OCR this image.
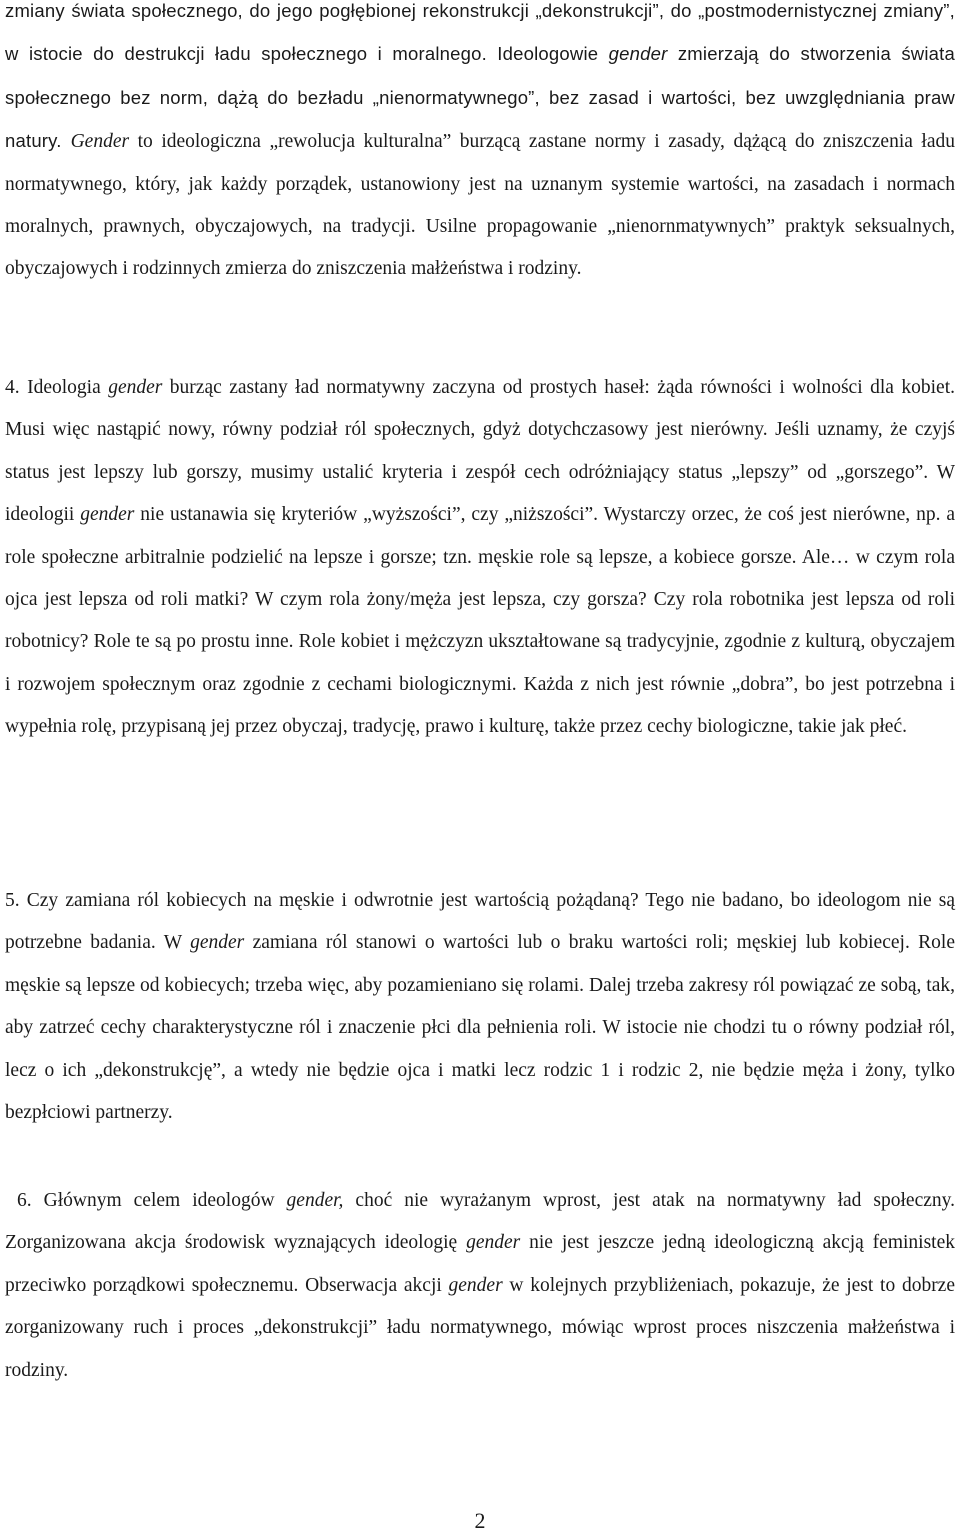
zmiany świata społecznego, do jego pogłębionej rekonstrukcji „dekonstrukcji”, do „postmodernistycznej zmiany”, w istocie do destrukcji ładu społecznego i moralnego. Ideologowie gender zmierzają do stworzenia świata społecznego bez norm, dążą do bezładu „nienormatywnego”, bez zasad i wartości, bez uwzględniania praw natury. Gender to ideologiczna „rewolucja kulturalna” burzącą zastane normy i zasady, dążącą do zniszczenia ładu normatywnego, który, jak każdy porządek, ustanowiony jest na uznanym systemie wartości, na zasadach i normach moralnych, prawnych, obyczajowych, na tradycji. Usilne propagowanie „nienornmatywnych” praktyk seksualnych, obyczajowych i rodzinnych zmierza do zniszczenia małżeństwa i rodziny.

4. Ideologia gender burząc zastany ład normatywny zaczyna od prostych haseł: żąda równości i wolności dla kobiet. Musi więc nastąpić nowy, równy podział ról społecznych, gdyż dotychczasowy jest nierówny. Jeśli uznamy, że czyjś status jest lepszy lub gorszy, musimy ustalić kryteria i zespół cech odróżniający status „lepszy” od „gorszego”. W ideologii gender nie ustanawia się kryteriów „wyższości”, czy „niższości”. Wystarczy orzec, że coś jest nierówne, np. a role społeczne arbitralnie podzielić na lepsze i gorsze; tzn. męskie role są lepsze, a kobiece gorsze. Ale… w czym rola ojca jest lepsza od roli matki? W czym rola żony/męża jest lepsza, czy gorsza? Czy rola robotnika jest lepsza od roli robotnicy? Role te są po prostu inne. Role kobiet i mężczyzn ukształtowane są tradycyjnie, zgodnie z kulturą, obyczajem i rozwojem społecznym oraz zgodnie z cechami biologicznymi. Każda z nich jest równie „dobra”, bo jest potrzebna i wypełnia rolę, przypisaną jej przez obyczaj, tradycję, prawo i kulturę, także przez cechy biologiczne, takie jak płeć.

5. Czy zamiana ról kobiecych na męskie i odwrotnie jest wartością pożądaną? Tego nie badano, bo ideologom nie są potrzebne badania. W gender zamiana ról stanowi o wartości lub o braku wartości roli; męskiej lub kobiecej. Role męskie są lepsze od kobiecych; trzeba więc, aby pozamieniano się rolami. Dalej trzeba zakresy ról powiązać ze sobą, tak, aby zatrzeć cechy charakterystyczne ról i znaczenie płci dla pełnienia roli. W istocie nie chodzi tu o równy podział ról, lecz o ich „dekonstrukcję”, a wtedy nie będzie ojca i matki lecz rodzic 1 i rodzic 2, nie będzie męża i żony, tylko bezpłciowi partnerzy.

6. Głównym celem ideologów gender, choć nie wyrażanym wprost, jest atak na normatywny ład społeczny. Zorganizowana akcja środowisk wyznających ideologię gender nie jest jeszcze jedną ideologiczną akcją feministek przeciwko porządkowi społecznemu. Obserwacja akcji gender w kolejnych przybliżeniach, pokazuje, że jest to dobrze zorganizowany ruch i proces „dekonstrukcji” ładu normatywnego, mówiąc wprost proces niszczenia małżeństwa i rodziny.

2
